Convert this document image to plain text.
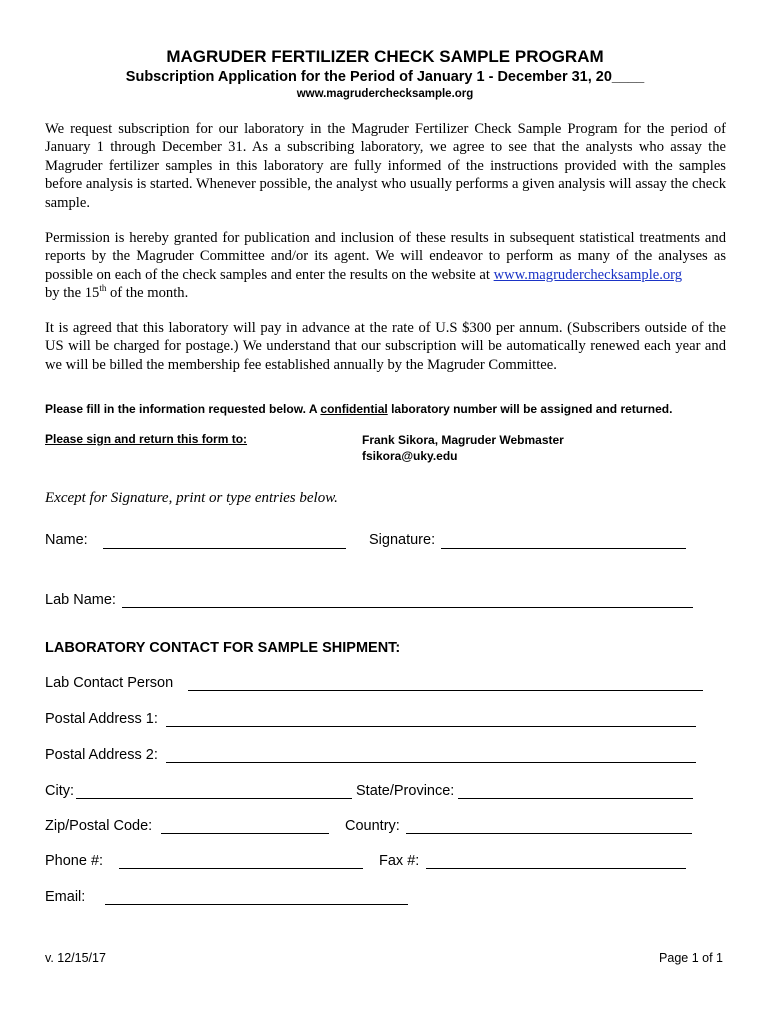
MAGRUDER FERTILIZER CHECK SAMPLE PROGRAM
Subscription Application for the Period of January 1 - December 31, 20____
www.magruderchecksample.org
We request subscription for our laboratory in the Magruder Fertilizer Check Sample Program for the period of January 1 through December 31. As a subscribing laboratory, we agree to see that the analysts who assay the Magruder fertilizer samples in this laboratory are fully informed of the instructions provided with the samples before analysis is started. Whenever possible, the analyst who usually performs a given analysis will assay the check sample.
Permission is hereby granted for publication and inclusion of these results in subsequent statistical treatments and reports by the Magruder Committee and/or its agent. We will endeavor to perform as many of the analyses as possible on each of the check samples and enter the results on the website at www.magruderchecksample.org
by the 15th of the month.
It is agreed that this laboratory will pay in advance at the rate of U.S $300 per annum. (Subscribers outside of the US will be charged for postage.) We understand that our subscription will be automatically renewed each year and we will be billed the membership fee established annually by the Magruder Committee.
Please fill in the information requested below. A confidential laboratory number will be assigned and returned.
Please sign and return this form to:	Frank Sikora, Magruder Webmaster
fsikora@uky.edu
Except for Signature, print or type entries below.
Name:	Signature:
Lab Name:
LABORATORY CONTACT FOR SAMPLE SHIPMENT:
Lab Contact Person
Postal Address 1:
Postal Address 2:
City:	State/Province:
Zip/Postal Code:	Country:
Phone #:	Fax #:
Email:
v. 12/15/17	Page 1 of 1
